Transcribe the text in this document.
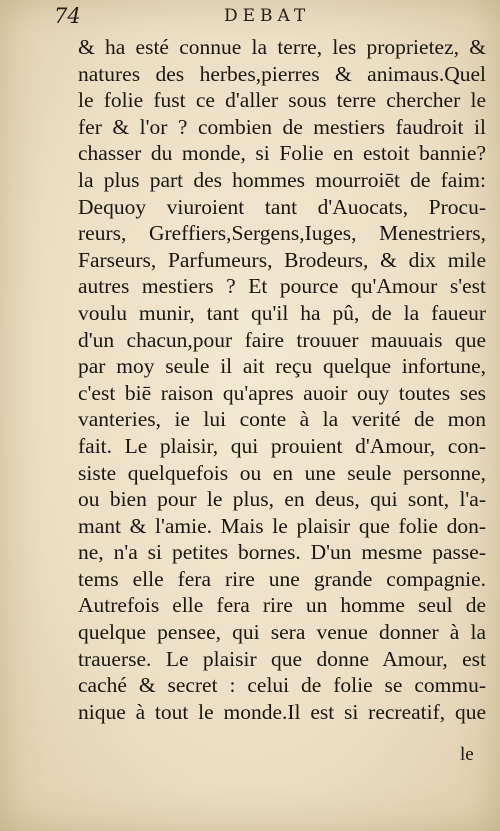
74	DEBAT
& ha esté connue la terre, les proprietez, &
natures des herbes,pierres & animaus.Quel
le folie fust ce d'aller sous terre chercher le
fer & l'or ? combien de mestiers faudroit il
chasser du monde, si Folie en estoit bannie?
la plus part des hommes mourroiēt de faim:
Dequoy viuroient tant d'Auocats, Procu-
reurs, Greffiers,Sergens,Iuges, Menestriers,
Farseurs, Parfumeurs, Brodeurs, & dix mile
autres mestiers ? Et pource qu'Amour s'est
voulu munir, tant qu'il ha pû, de la faueur
d'un chacun,pour faire trouuer mauuais que
par moy seule il ait reçu quelque infortune,
c'est biē raison qu'apres auoir ouy toutes ses
vanteries, ie lui conte à la verité de mon
fait. Le plaisir, qui prouient d'Amour, con-
siste quelquefois ou en une seule personne,
ou bien pour le plus, en deus, qui sont, l'a-
mant & l'amie. Mais le plaisir que folie don-
ne, n'a si petites bornes. D'un mesme passe-
tems elle fera rire une grande compagnie.
Autrefois elle fera rire un homme seul de
quelque pensee, qui sera venue donner à la
trauerse. Le plaisir que donne Amour, est
caché & secret : celui de folie se commu-
nique à tout le monde.Il est si recreatif, que
le
